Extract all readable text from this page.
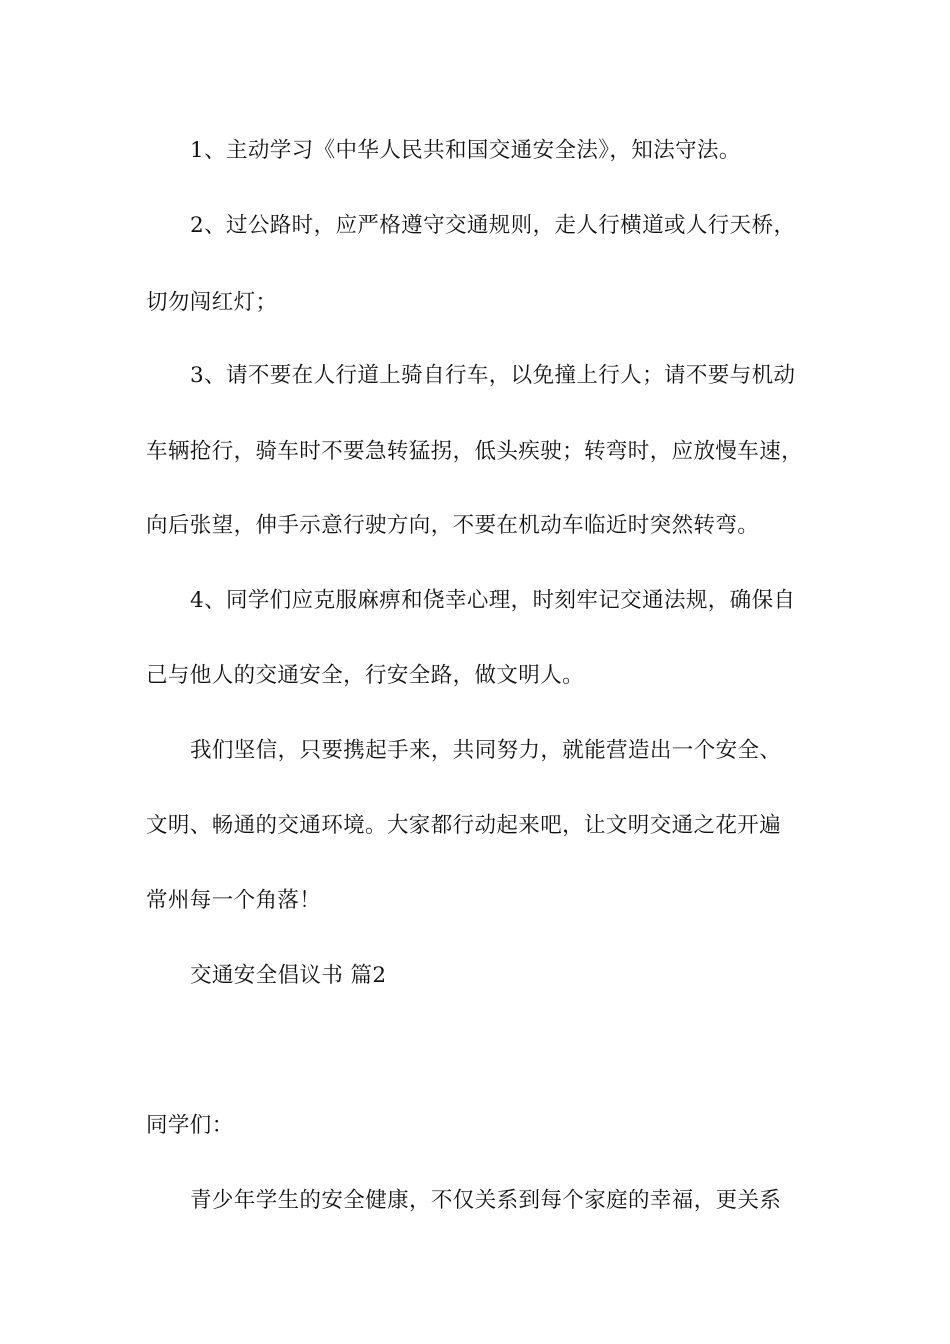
1、主动学习《中华人民共和国交通安全法》，知法守法。
2、过公路时，应严格遵守交通规则，走人行横道或人行天桥，
切勿闯红灯；
3、请不要在人行道上骑自行车，以免撞上行人；请不要与机动
车辆抢行，骑车时不要急转猛拐，低头疾驶；转弯时，应放慢车速，
向后张望，伸手示意行驶方向，不要在机动车临近时突然转弯。
4、同学们应克服麻痹和侥幸心理，时刻牢记交通法规，确保自
己与他人的交通安全，行安全路，做文明人。
我们坚信，只要携起手来，共同努力，就能营造出一个安全、
文明、畅通的交通环境。大家都行动起来吧，让文明交通之花开遍
常州每一个角落！
交通安全倡议书 篇2
同学们：
青少年学生的安全健康，不仅关系到每个家庭的幸福，更关系
